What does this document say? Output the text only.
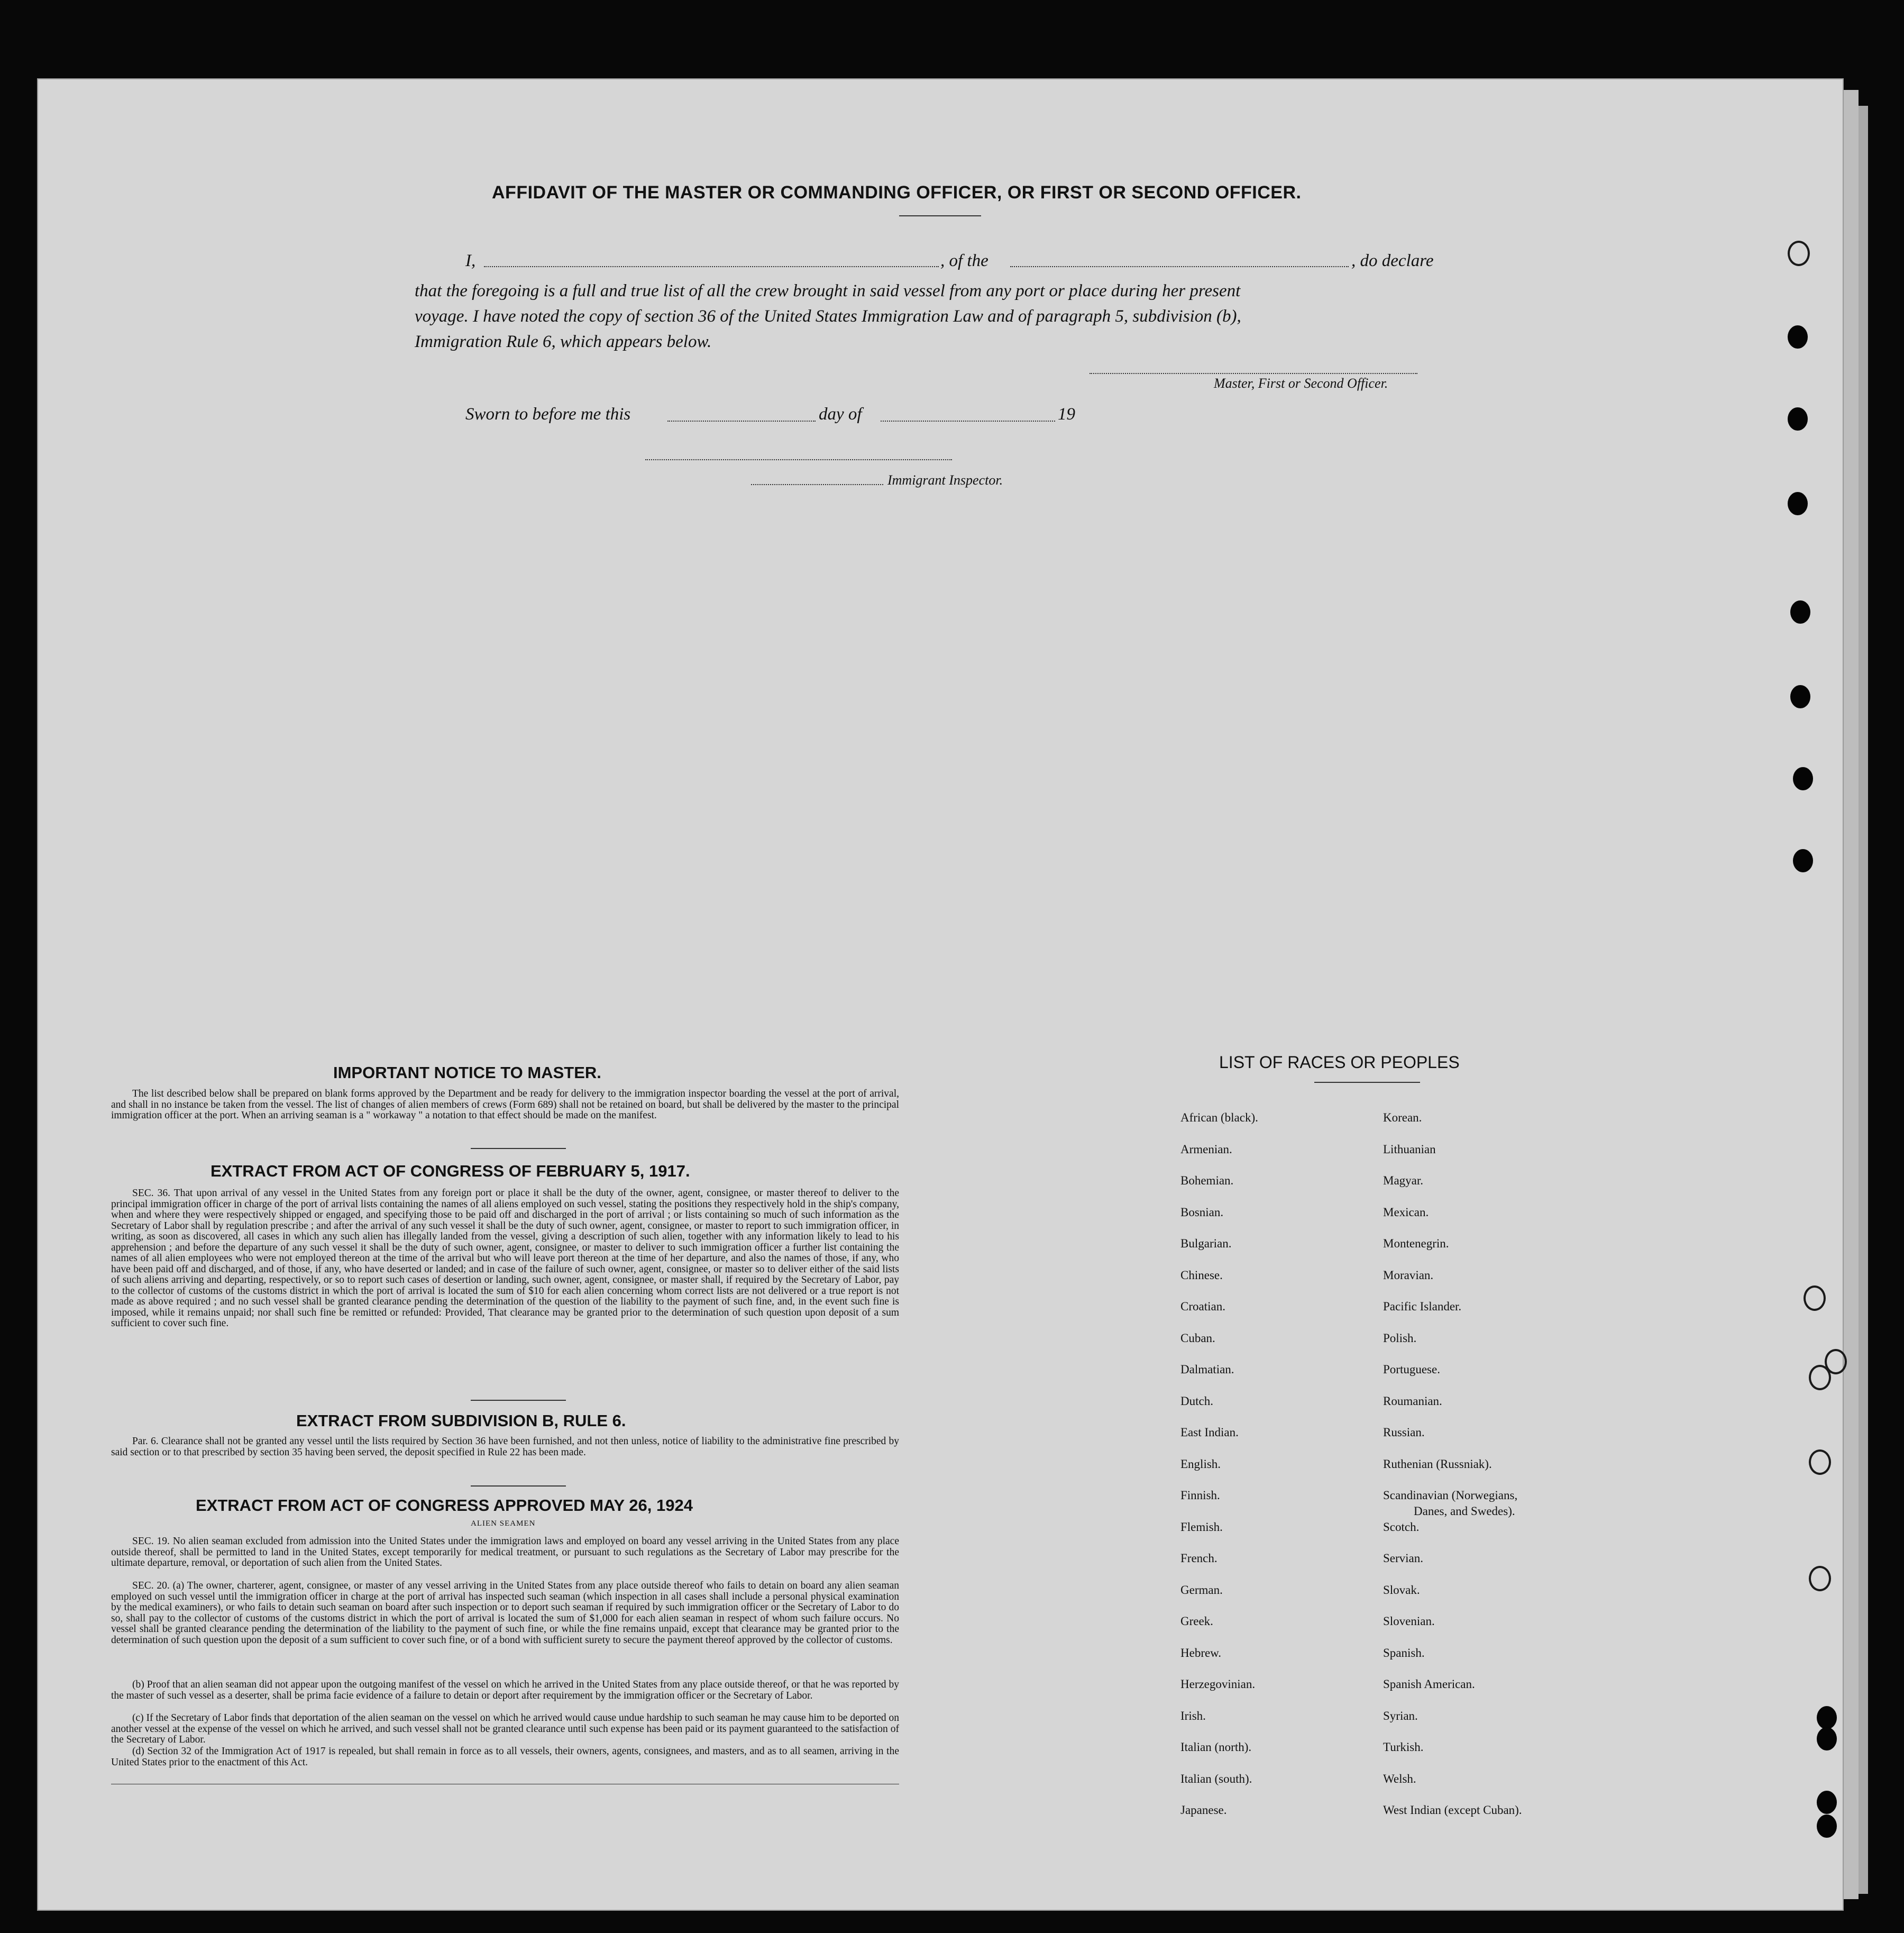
AFFIDAVIT OF THE MASTER OR COMMANDING OFFICER, OR FIRST OR SECOND OFFICER.
I,	, of the	, do declare
that the foregoing is a full and true list of all the crew brought in said vessel from any port or place during her present
voyage. I have noted the copy of section 36 of the United States Immigration Law and of paragraph 5, subdivision (b),
Immigration Rule 6, which appears below.
Master, First or Second Officer.
Sworn to before me this	day of	19
Immigrant Inspector.
IMPORTANT NOTICE TO MASTER.
The list described below shall be prepared on blank forms approved by the Department and be ready for delivery to the immigration inspector boarding the vessel at the port of arrival, and shall in no instance be taken from the vessel. The list of changes of alien members of crews (Form 689) shall not be retained on board, but shall be delivered by the master to the principal immigration officer at the port. When an arriving seaman is a " workaway " a notation to that effect should be made on the manifest.
EXTRACT FROM ACT OF CONGRESS OF FEBRUARY 5, 1917.
SEC. 36. That upon arrival of any vessel in the United States from any foreign port or place it shall be the duty of the owner, agent, consignee, or master thereof to deliver to the principal immigration officer in charge of the port of arrival lists containing the names of all aliens employed on such vessel, stating the positions they respectively hold in the ship's company, when and where they were respectively shipped or engaged, and specifying those to be paid off and discharged in the port of arrival ; or lists containing so much of such information as the Secretary of Labor shall by regulation prescribe ; and after the arrival of any such vessel it shall be the duty of such owner, agent, consignee, or master to report to such immigration officer, in writing, as soon as discovered, all cases in which any such alien has illegally landed from the vessel, giving a description of such alien, together with any information likely to lead to his apprehension ; and before the departure of any such vessel it shall be the duty of such owner, agent, consignee, or master to deliver to such immigration officer a further list containing the names of all alien employees who were not employed thereon at the time of the arrival but who will leave port thereon at the time of her departure, and also the names of those, if any, who have been paid off and discharged, and of those, if any, who have deserted or landed; and in case of the failure of such owner, agent, consignee, or master so to deliver either of the said lists of such aliens arriving and departing, respectively, or so to report such cases of desertion or landing, such owner, agent, consignee, or master shall, if required by the Secretary of Labor, pay to the collector of customs of the customs district in which the port of arrival is located the sum of $10 for each alien concerning whom correct lists are not delivered or a true report is not made as above required ; and no such vessel shall be granted clearance pending the determination of the question of the liability to the payment of such fine, and, in the event such fine is imposed, while it remains unpaid; nor shall such fine be remitted or refunded: Provided, That clearance may be granted prior to the determination of such question upon deposit of a sum sufficient to cover such fine.
EXTRACT FROM SUBDIVISION B, RULE 6.
Par. 6. Clearance shall not be granted any vessel until the lists required by Section 36 have been furnished, and not then unless, notice of liability to the administrative fine prescribed by said section or to that prescribed by section 35 having been served, the deposit specified in Rule 22 has been made.
EXTRACT FROM ACT OF CONGRESS APPROVED MAY 26, 1924
ALIEN SEAMEN
SEC. 19. No alien seaman excluded from admission into the United States under the immigration laws and employed on board any vessel arriving in the United States from any place outside thereof, shall be permitted to land in the United States, except temporarily for medical treatment, or pursuant to such regulations as the Secretary of Labor may prescribe for the ultimate departure, removal, or deportation of such alien from the United States.
SEC. 20. (a) The owner, charterer, agent, consignee, or master of any vessel arriving in the United States from any place outside thereof who fails to detain on board any alien seaman employed on such vessel until the immigration officer in charge at the port of arrival has inspected such seaman (which inspection in all cases shall include a personal physical examination by the medical examiners), or who fails to detain such seaman on board after such inspection or to deport such seaman if required by such immigration officer or the Secretary of Labor to do so, shall pay to the collector of customs of the customs district in which the port of arrival is located the sum of $1,000 for each alien seaman in respect of whom such failure occurs. No vessel shall be granted clearance pending the determination of the liability to the payment of such fine, or while the fine remains unpaid, except that clearance may be granted prior to the determination of such question upon the deposit of a sum sufficient to cover such fine, or of a bond with sufficient surety to secure the payment thereof approved by the collector of customs.
(b) Proof that an alien seaman did not appear upon the outgoing manifest of the vessel on which he arrived in the United States from any place outside thereof, or that he was reported by the master of such vessel as a deserter, shall be prima facie evidence of a failure to detain or deport after requirement by the immigration officer or the Secretary of Labor.
(c) If the Secretary of Labor finds that deportation of the alien seaman on the vessel on which he arrived would cause undue hardship to such seaman he may cause him to be deported on another vessel at the expense of the vessel on which he arrived, and such vessel shall not be granted clearance until such expense has been paid or its payment guaranteed to the satisfaction of the Secretary of Labor.
(d) Section 32 of the Immigration Act of 1917 is repealed, but shall remain in force as to all vessels, their owners, agents, consignees, and masters, and as to all seamen, arriving in the United States prior to the enactment of this Act.
LIST OF RACES OR PEOPLES
African (black).
Armenian.
Bohemian.
Bosnian.
Bulgarian.
Chinese.
Croatian.
Cuban.
Dalmatian.
Dutch.
East Indian.
English.
Finnish.
Flemish.
French.
German.
Greek.
Hebrew.
Herzegovinian.
Irish.
Italian (north).
Italian (south).
Japanese.
Korean.
Lithuanian
Magyar.
Mexican.
Montenegrin.
Moravian.
Pacific Islander.
Polish.
Portuguese.
Roumanian.
Russian.
Ruthenian (Russniak).
Scandinavian (Norwegians,
Danes, and Swedes).
Scotch.
Servian.
Slovak.
Slovenian.
Spanish.
Spanish American.
Syrian.
Turkish.
Welsh.
West Indian (except Cuban).
